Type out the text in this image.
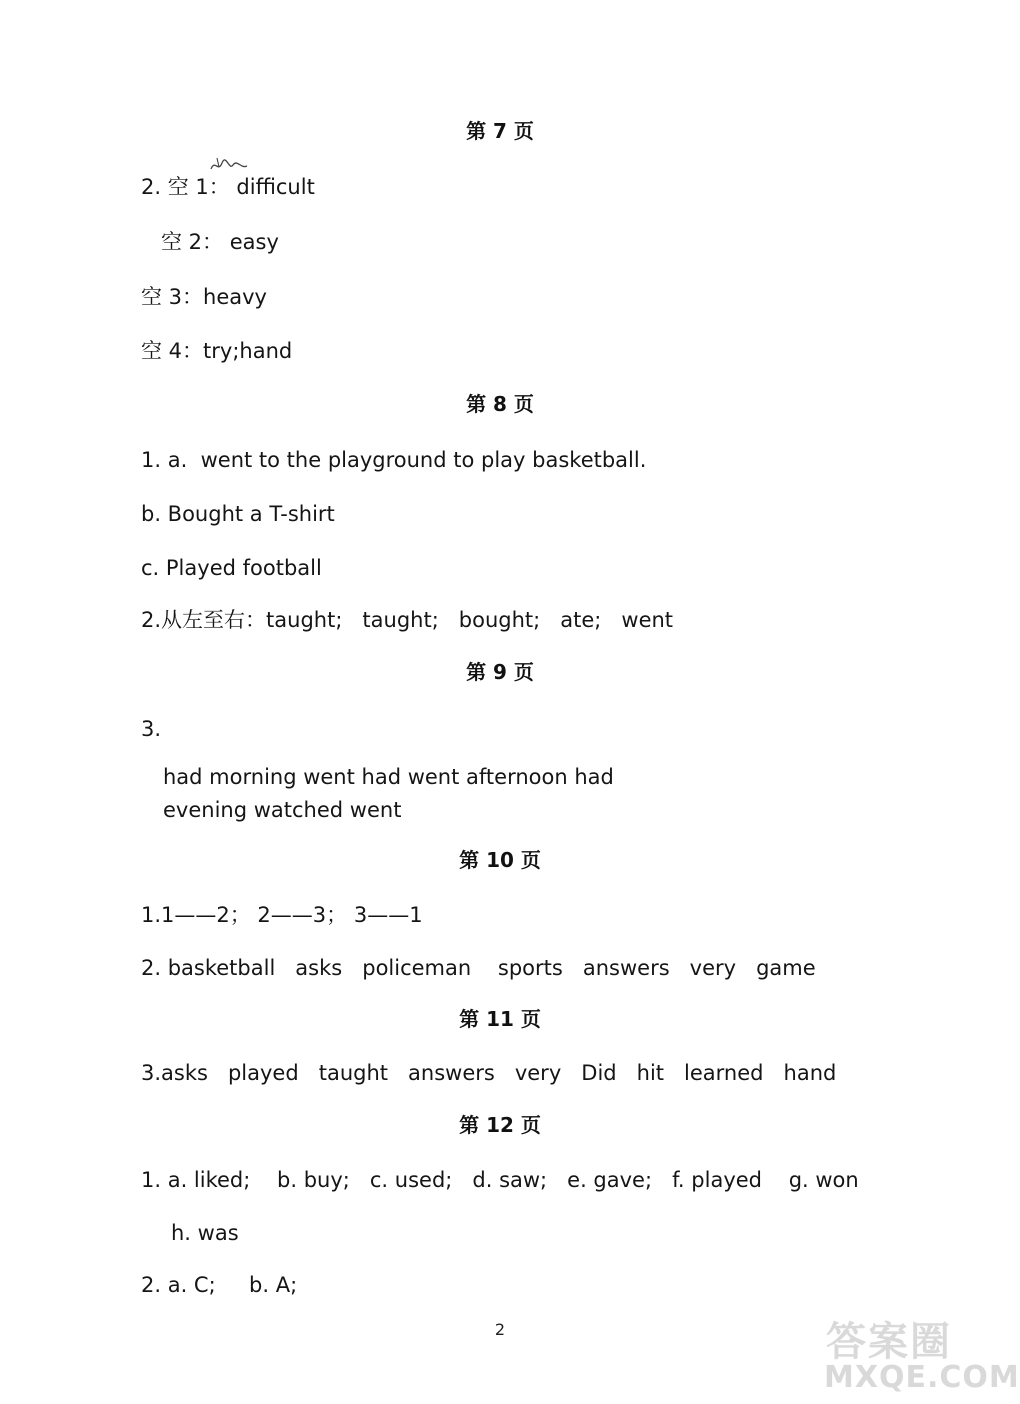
第 7 页
2. 空 1： difficult
空 2： easy
空 3：heavy
空 4：try;hand
第 8 页
1. a.  went to the playground to play basketball.
b. Bought a T-shirt
c. Played football
2.从左至右：taught;   taught;   bought;   ate;   went
第 9 页
3.
had morning went had went afternoon had
evening watched went
第 10 页
1.1——2； 2——3； 3——1
2. basketball   asks   policeman    sports   answers   very   game
第 11 页
3.asks   played   taught   answers   very   Did   hit   learned   hand
第 12 页
1. a. liked;    b. buy;   c. used;   d. saw;   e. gave;   f. played    g. won
h. was
2. a. C;     b. A;
2	答案圈
MXQE.COM
